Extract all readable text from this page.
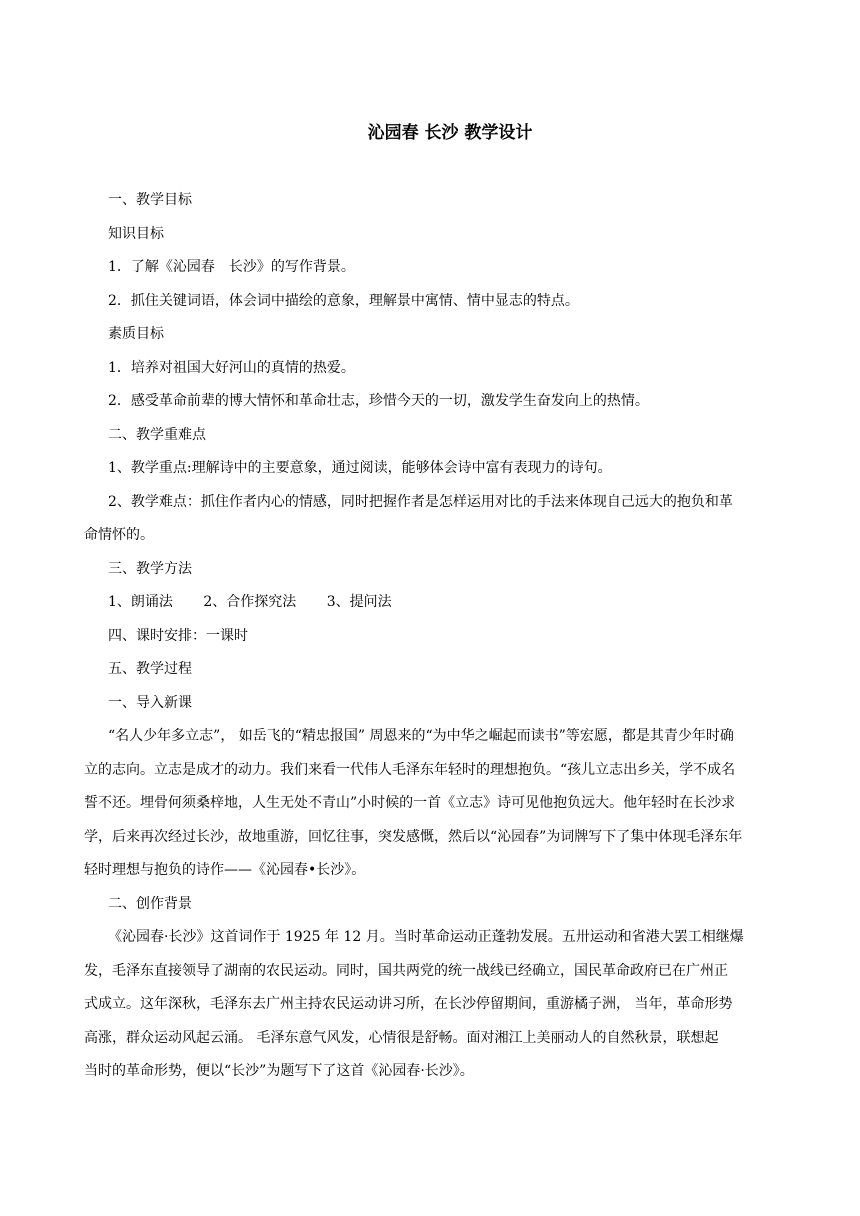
沁园春 长沙 教学设计
一、教学目标
知识目标
1．了解《沁园春　长沙》的写作背景。
2．抓住关键词语，体会词中描绘的意象，理解景中寓情、情中显志的特点。
素质目标
1．培养对祖国大好河山的真情的热爱。
2．感受革命前辈的博大情怀和革命壮志，珍惜今天的一切，激发学生奋发向上的热情。
二、教学重难点
1、教学重点:理解诗中的主要意象，通过阅读，能够体会诗中富有表现力的诗句。
2、教学难点：抓住作者内心的情感，同时把握作者是怎样运用对比的手法来体现自己远大的抱负和革
命情怀的。
三、教学方法
1、朗诵法 2、合作探究法 3、提问法
四、课时安排：一课时
五、教学过程
一、导入新课
“名人少年多立志”， 如岳飞的“精忠报国” 周恩来的“为中华之崛起而读书”等宏愿，都是其青少年时确
立的志向。立志是成才的动力。我们来看一代伟人毛泽东年轻时的理想抱负。“孩儿立志出乡关，学不成名
誓不还。埋骨何须桑梓地，人生无处不青山”小时候的一首《立志》诗可见他抱负远大。他年轻时在长沙求
学，后来再次经过长沙，故地重游，回忆往事，突发感慨，然后以“沁园春”为词牌写下了集中体现毛泽东年
轻时理想与抱负的诗作——《沁园春•长沙》。
二、创作背景
《沁园春·长沙》这首词作于 1925 年 12 月。当时革命运动正蓬勃发展。五卅运动和省港大罢工相继爆
发，毛泽东直接领导了湖南的农民运动。同时，国共两党的统一战线已经确立，国民革命政府已在广州正
式成立。这年深秋，毛泽东去广州主持农民运动讲习所，在长沙停留期间，重游橘子洲， 当年，革命形势
高涨，群众运动风起云涌。 毛泽东意气风发，心情很是舒畅。面对湘江上美丽动人的自然秋景，联想起
当时的革命形势，便以“长沙”为题写下了这首《沁园春·长沙》。
